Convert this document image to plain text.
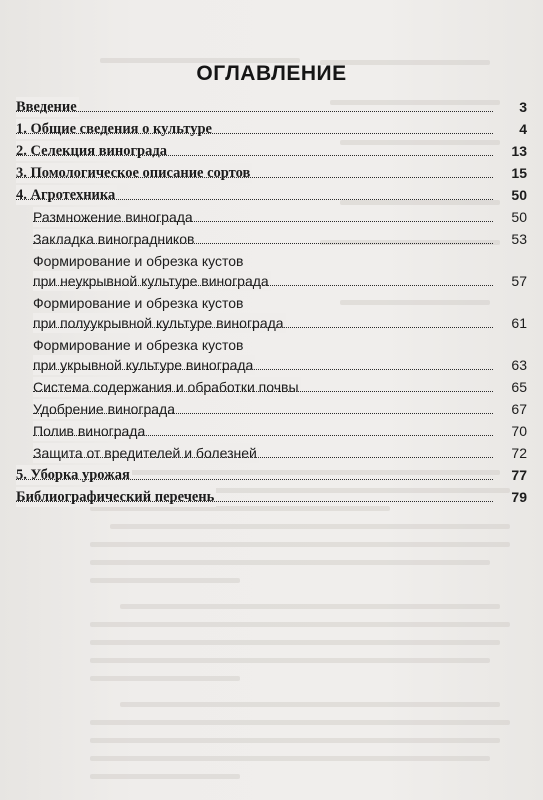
ОГЛАВЛЕНИЕ
Введение	3
1. Общие сведения о культуре	4
2. Селекция винограда	13
3. Помологическое описание сортов	15
4. Агротехника	50
Размножение винограда	50
Закладка виноградников	53
Формирование и обрезка кустов
при неукрывной культуре винограда	57
Формирование и обрезка кустов
при полуукрывной культуре винограда	61
Формирование и обрезка кустов
при укрывной культуре винограда	63
Система содержания и обработки почвы	65
Удобрение винограда	67
Полив винограда	70
Защита от вредителей и болезней	72
5. Уборка урожая	77
Библиографический перечень	79
